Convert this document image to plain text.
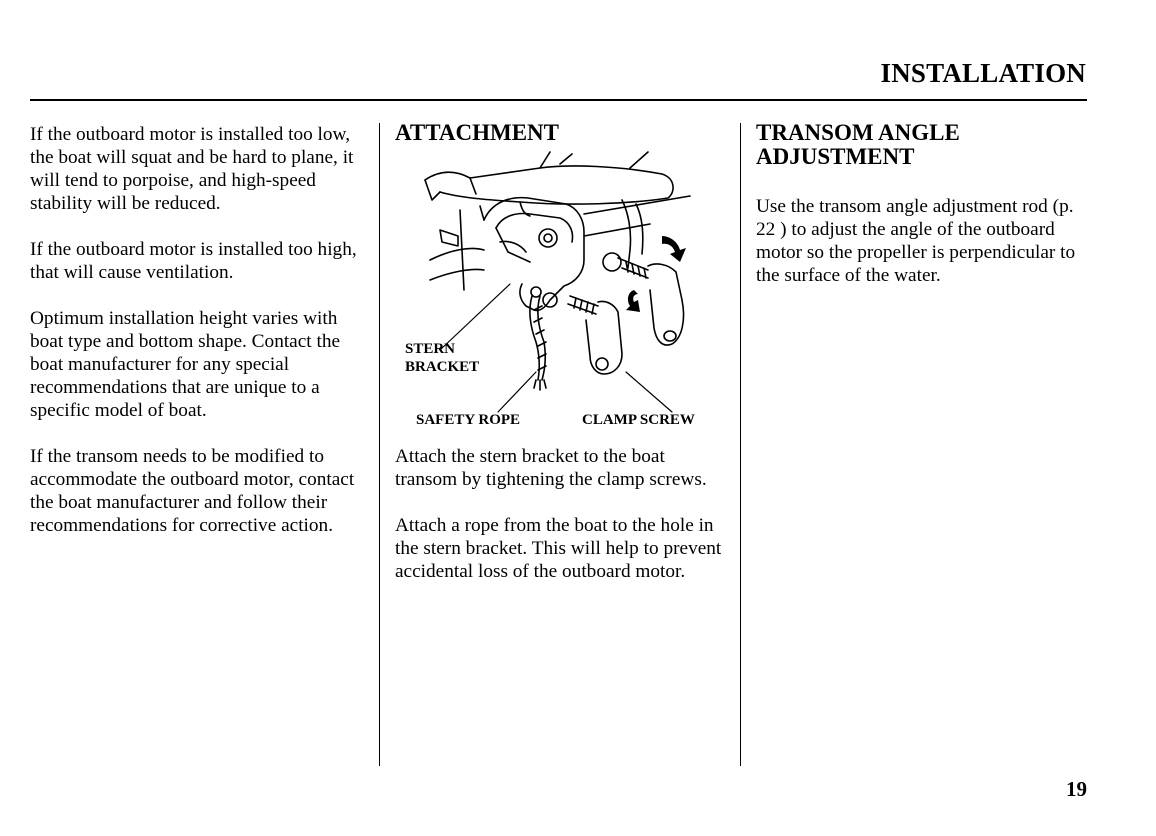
INSTALLATION

If the outboard motor is installed too low, the boat will squat and be hard to plane, it will tend to porpoise, and high-speed stability will be reduced.

If the outboard motor is installed too high, that will cause ventilation.

Optimum installation height varies with boat type and bottom shape. Contact the boat manufacturer for any special recommendations that are unique to a specific model of boat.

If the transom needs to be modified to accommodate the outboard motor, contact the boat manufacturer and follow their recommendations for corrective action.

ATTACHMENT
STERN
BRACKET
SAFETY ROPE	CLAMP SCREW

Attach the stern bracket to the boat transom by tightening the clamp screws.

Attach a rope from the boat to the hole in the stern bracket. This will help to prevent accidental loss of the outboard motor.

TRANSOM ANGLE
ADJUSTMENT

Use the transom angle adjustment rod (p. 22 ) to adjust the angle of the outboard motor so the propeller is perpendicular to the surface of the water.

19
